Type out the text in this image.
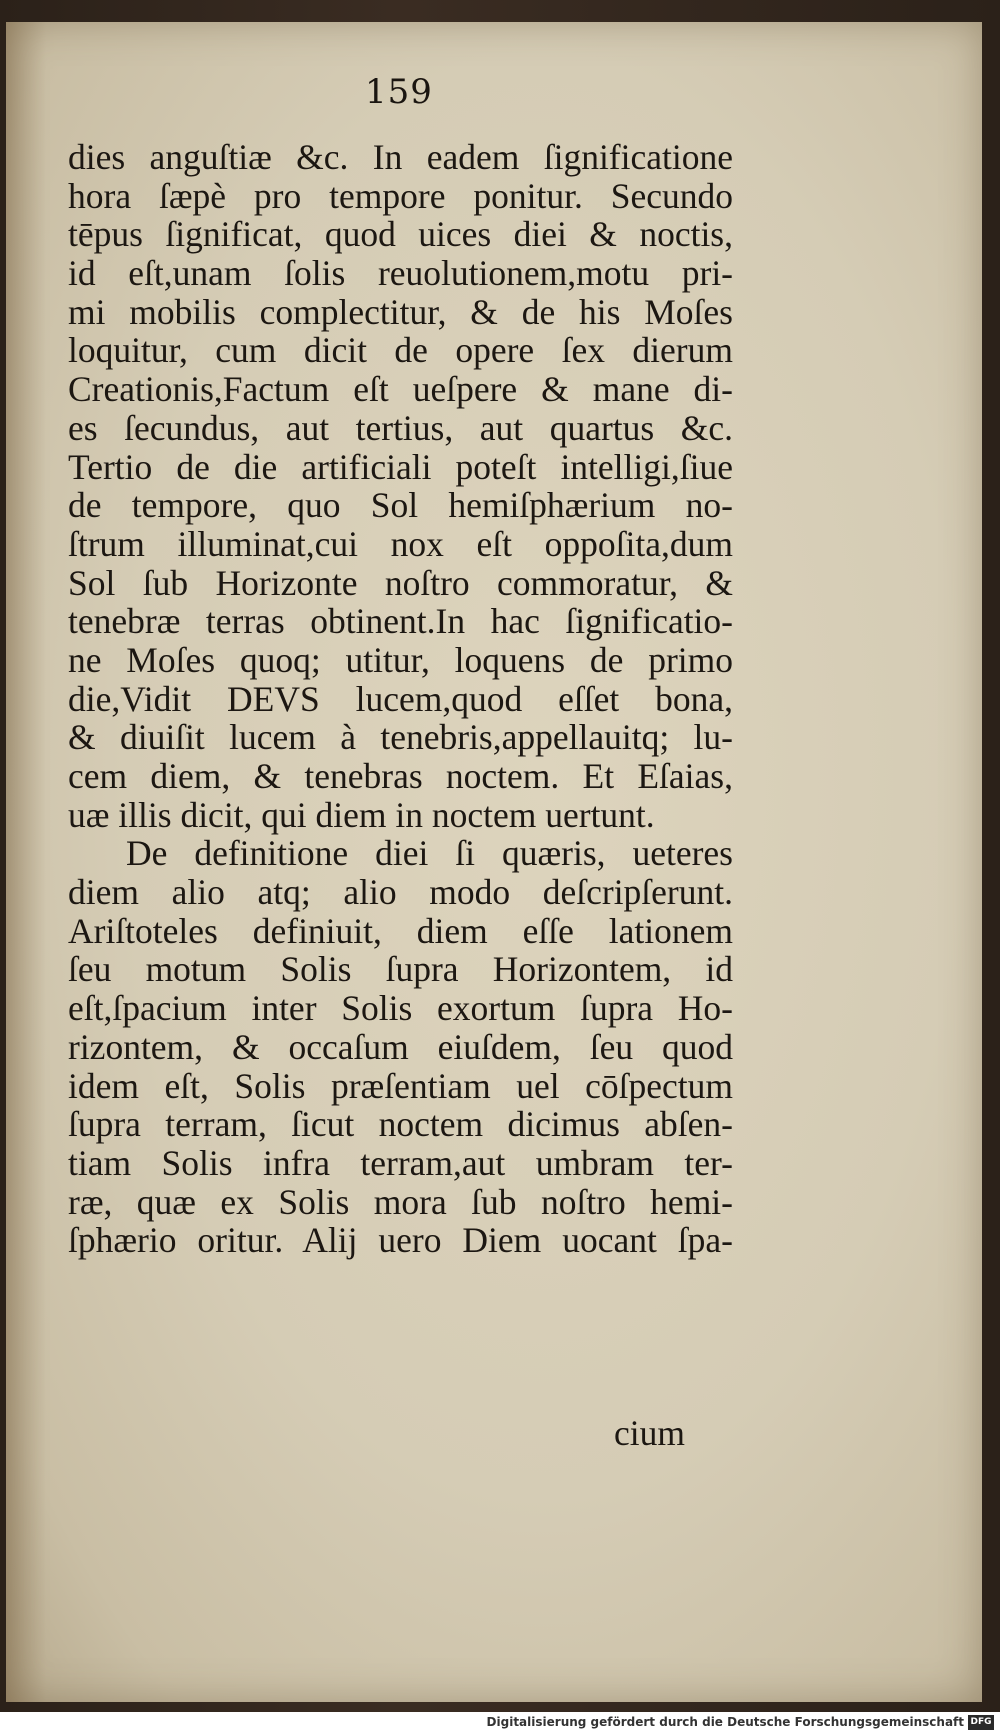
159
dies anguſtiæ &c. In eadem ſignificatione
hora ſæpè pro tempore ponitur. Secundo
tēpus ſignificat, quod uices diei & noctis,
id eſt,unam ſolis reuolutionem,motu pri-
mi mobilis complectitur, & de his Moſes
loquitur, cum dicit de opere ſex dierum
Creationis,Factum eſt ueſpere & mane di-
es ſecundus, aut tertius, aut quartus &c.
Tertio de die artificiali poteſt intelligi,ſiue
de tempore, quo Sol hemiſphærium no-
ſtrum illuminat,cui nox eſt oppoſita,dum
Sol ſub Horizonte noſtro commoratur, &
tenebræ terras obtinent.In hac ſignificatio-
ne Moſes quoq; utitur, loquens de primo
die,Vidit DEVS lucem,quod eſſet bona,
& diuiſit lucem à tenebris,appellauitq; lu-
cem diem, & tenebras noctem. Et Eſaias,
uæ illis dicit, qui diem in noctem uertunt.
De definitione diei ſi quæris, ueteres
diem alio atq; alio modo deſcripſerunt.
Ariſtoteles definiuit, diem eſſe lationem
ſeu motum Solis ſupra Horizontem, id
eſt,ſpacium inter Solis exortum ſupra Ho-
rizontem, & occaſum eiuſdem, ſeu quod
idem eſt, Solis præſentiam uel cōſpectum
ſupra terram, ſicut noctem dicimus abſen-
tiam Solis infra terram,aut umbram ter-
ræ, quæ ex Solis mora ſub noſtro hemi-
ſphærio oritur. Alij uero Diem uocant ſpa-
cium
Digitalisierung gefördert durch die Deutsche Forschungsgemeinschaft DFG
